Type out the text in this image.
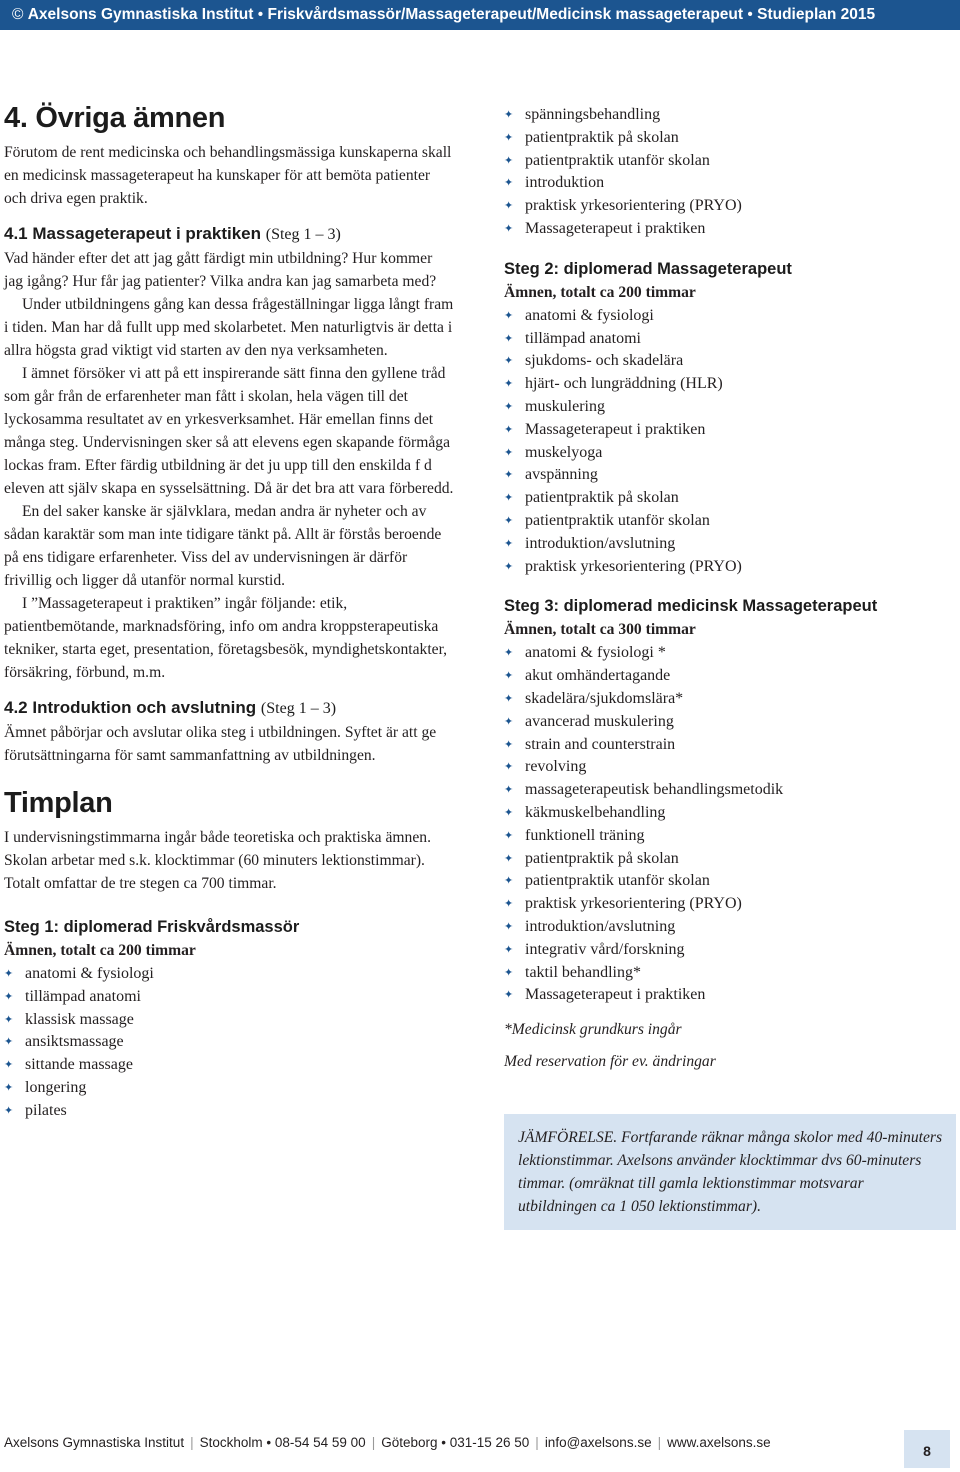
© Axelsons Gymnastiska Institut • Friskvårdsmassör/Massageterapeut/Medicinsk massageterapeut • Studieplan 2015
4. Övriga ämnen

Förutom de rent medicinska och behandlingsmässiga kunskaperna skall en medicinsk massageterapeut ha kunskaper för att bemöta patienter och driva egen praktik.

4.1 Massageterapeut i praktiken (Steg 1 – 3)

Vad händer efter det att jag gått färdigt min utbildning? Hur kommer jag igång? Hur får jag patienter? Vilka andra kan jag samarbeta med?

Under utbildningens gång kan dessa frågeställningar ligga långt fram i tiden. Man har då fullt upp med skolarbetet. Men naturligtvis är detta i allra högsta grad viktigt vid starten av den nya verksamheten.

I ämnet försöker vi att på ett inspirerande sätt finna den gyllene tråd som går från de erfarenheter man fått i skolan, hela vägen till det lyckosamma resultatet av en yrkesverksamhet. Här emellan finns det många steg. Undervisningen sker så att elevens egen skapande förmåga lockas fram. Efter färdig utbildning är det ju upp till den enskilda f d eleven att själv skapa en sysselsättning. Då är det bra att vara förberedd.

En del saker kanske är självklara, medan andra är nyheter och av sådan karaktär som man inte tidigare tänkt på. Allt är förstås beroende på ens tidigare erfarenheter. Viss del av undervisningen är därför frivillig och ligger då utanför normal kurstid.

I ”Massageterapeut i praktiken” ingår följande: etik, patientbemötande, marknadsföring, info om andra kroppsterapeutiska tekniker, starta eget, presentation, företagsbesök, myndighetskontakter, försäkring, förbund, m.m.

4.2 Introduktion och avslutning (Steg 1 – 3)

Ämnet påbörjar och avslutar olika steg i utbildningen. Syftet är att ge förutsättningarna för samt sammanfattning av utbildningen.

Timplan

I undervisningstimmarna ingår både teoretiska och praktiska ämnen. Skolan arbetar med s.k. klocktimmar (60 minuters lektionstimmar). Totalt omfattar de tre stegen ca 700 timmar.

Steg 1: diplomerad Friskvårdsmassör
Ämnen, totalt ca 200 timmar
✦ anatomi & fysiologi
✦ tillämpad anatomi
✦ klassisk massage
✦ ansiktsmassage
✦ sittande massage
✦ longering
✦ pilates
✦ spänningsbehandling
✦ patientpraktik på skolan
✦ patientpraktik utanför skolan
✦ introduktion
✦ praktisk yrkesorientering (PRYO)
✦ Massageterapeut i praktiken
Steg 2: diplomerad Massageterapeut
Ämnen, totalt ca 200 timmar
✦ anatomi & fysiologi
✦ tillämpad anatomi
✦ sjukdoms- och skadelära
✦ hjärt- och lungräddning (HLR)
✦ muskulering
✦ Massageterapeut i praktiken
✦ muskelyoga
✦ avspänning
✦ patientpraktik på skolan
✦ patientpraktik utanför skolan
✦ introduktion/avslutning
✦ praktisk yrkesorientering (PRYO)
Steg 3: diplomerad medicinsk Massageterapeut
Ämnen, totalt ca 300 timmar
✦ anatomi & fysiologi *
✦ akut omhändertagande
✦ skadelära/sjukdomslära*
✦ avancerad muskulering
✦ strain and counterstrain
✦ revolving
✦ massageterapeutisk behandlingsmetodik
✦ käkmuskelbehandling
✦ funktionell träning
✦ patientpraktik på skolan
✦ patientpraktik utanför skolan
✦ praktisk yrkesorientering (PRYO)
✦ introduktion/avslutning
✦ integrativ vård/forskning
✦ taktil behandling*
✦ Massageterapeut i praktiken

*Medicinsk grundkurs ingår

Med reservation för ev. ändringar

JÄMFÖRELSE. Fortfarande räknar många skolor med 40-minuters lektionstimmar. Axelsons använder klocktimmar dvs 60-minuters timmar. (omräknat till gamla lektionstimmar motsvarar utbildningen ca 1 050 lektionstimmar).
Axelsons Gymnastiska Institut | Stockholm • 08-54 54 59 00 | Göteborg • 031-15 26 50 | info@axelsons.se | www.axelsons.se
8
